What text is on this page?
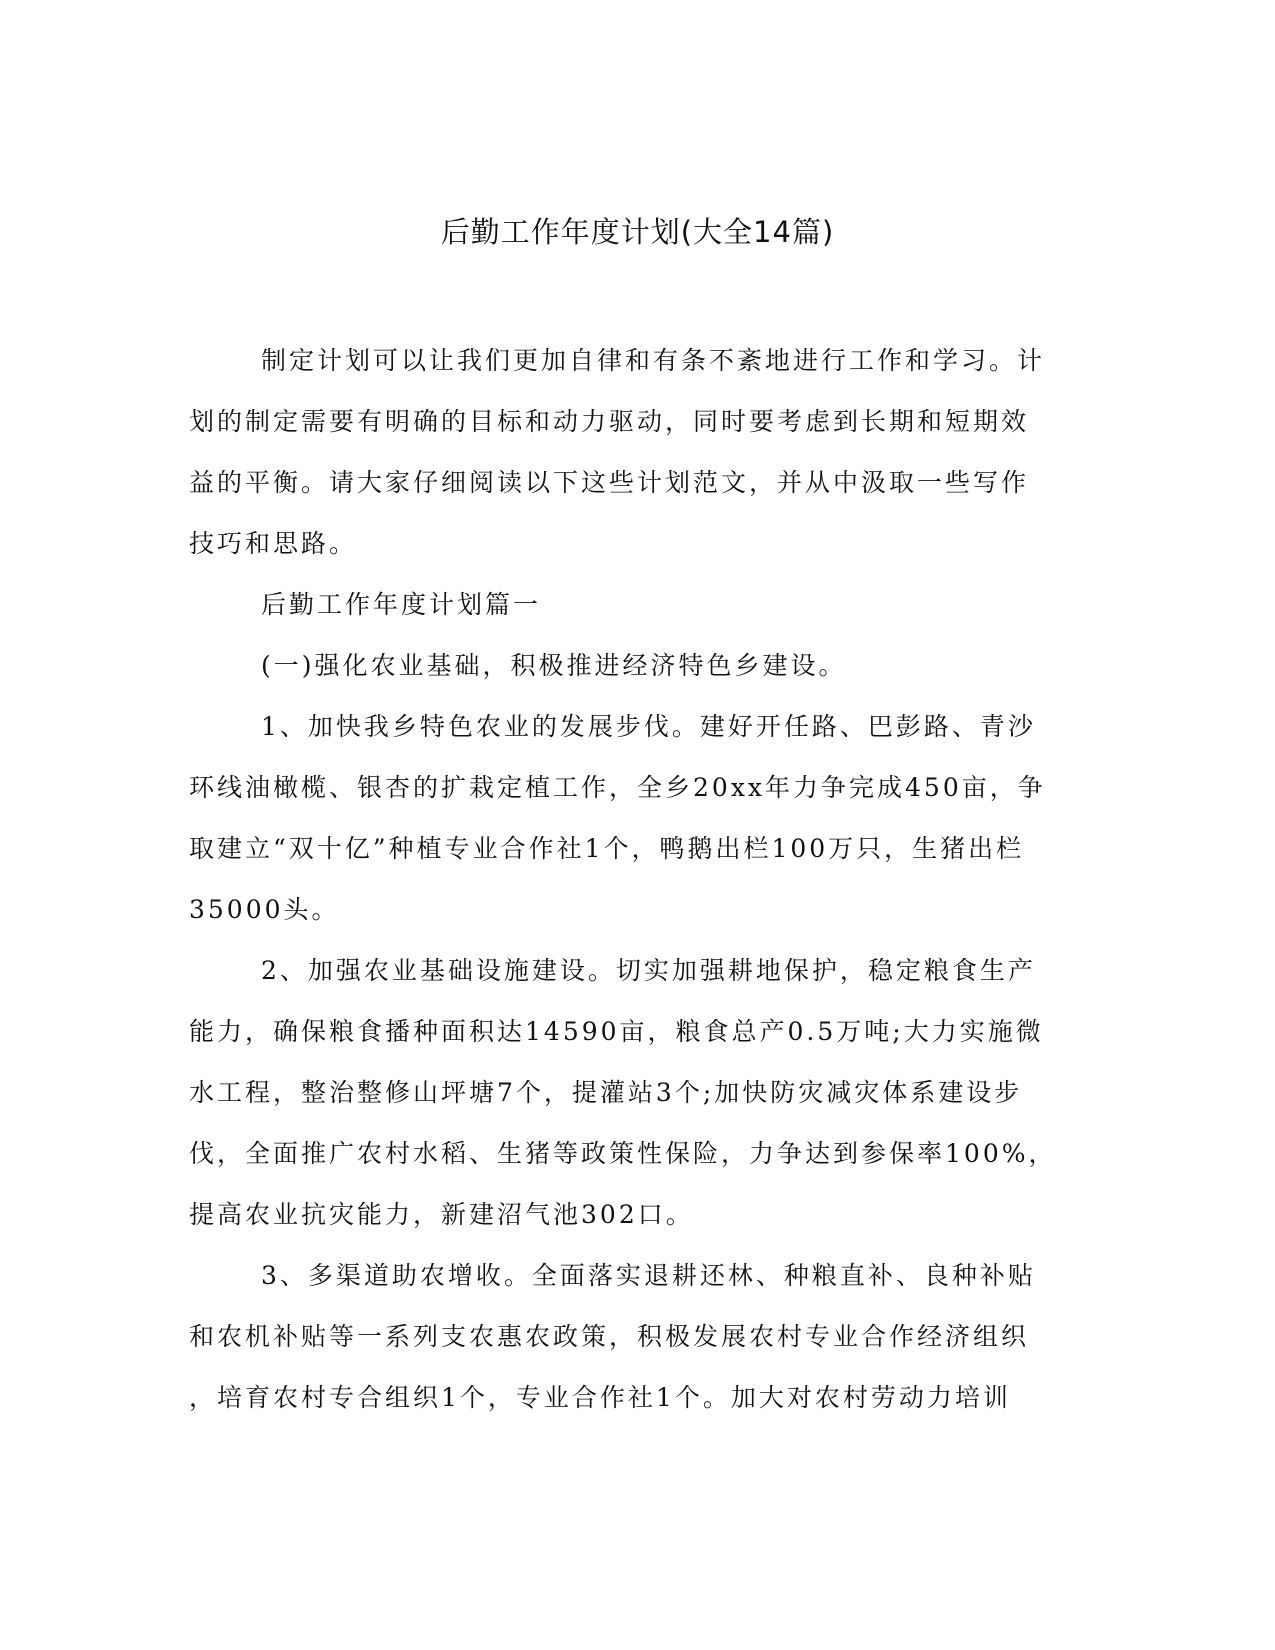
后勤工作年度计划(大全14篇)
制定计划可以让我们更加自律和有条不紊地进行工作和学习。计
划的制定需要有明确的目标和动力驱动，同时要考虑到长期和短期效
益的平衡。请大家仔细阅读以下这些计划范文，并从中汲取一些写作
技巧和思路。
后勤工作年度计划篇一
(一)强化农业基础，积极推进经济特色乡建设。
1、加快我乡特色农业的发展步伐。建好开任路、巴彭路、青沙
环线油橄榄、银杏的扩栽定植工作，全乡20xx年力争完成450亩，争
取建立“双十亿”种植专业合作社1个，鸭鹅出栏100万只，生猪出栏
35000头。
2、加强农业基础设施建设。切实加强耕地保护，稳定粮食生产
能力，确保粮食播种面积达14590亩，粮食总产0.5万吨;大力实施微
水工程，整治整修山坪塘7个，提灌站3个;加快防灾减灾体系建设步
伐，全面推广农村水稻、生猪等政策性保险，力争达到参保率100%，
提高农业抗灾能力，新建沼气池302口。
3、多渠道助农增收。全面落实退耕还林、种粮直补、良种补贴
和农机补贴等一系列支农惠农政策，积极发展农村专业合作经济组织
，培育农村专合组织1个，专业合作社1个。加大对农村劳动力培训
